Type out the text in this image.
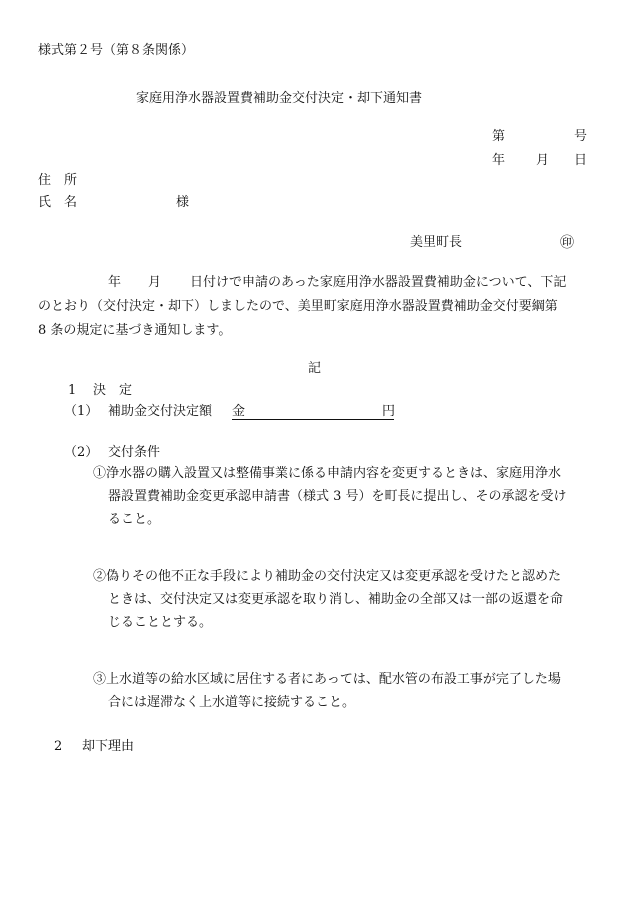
様式第２号（第８条関係）
家庭用浄水器設置費補助金交付決定・却下通知書
第	号
年 月 日
住　所
氏　名	様
美里町長	㊞
年 月 日付けで申請のあった家庭用浄水器設置費補助金について、下記
のとおり（交付決定・却下）しましたので、美里町家庭用浄水器設置費補助金交付要綱第
8 条の規定に基づき通知します。
記
1 決　定
（1） 補助金交付決定額 金	円
（2） 交付条件
①浄水器の購入設置又は整備事業に係る申請内容を変更するときは、家庭用浄水
器設置費補助金変更承認申請書（様式 3 号）を町長に提出し、その承認を受け
ること。
②偽りその他不正な手段により補助金の交付決定又は変更承認を受けたと認めた
ときは、交付決定又は変更承認を取り消し、補助金の全部又は一部の返還を命
じることとする。
③上水道等の給水区域に居住する者にあっては、配水管の布設工事が完了した場
合には遅滞なく上水道等に接続すること。
2 却下理由
